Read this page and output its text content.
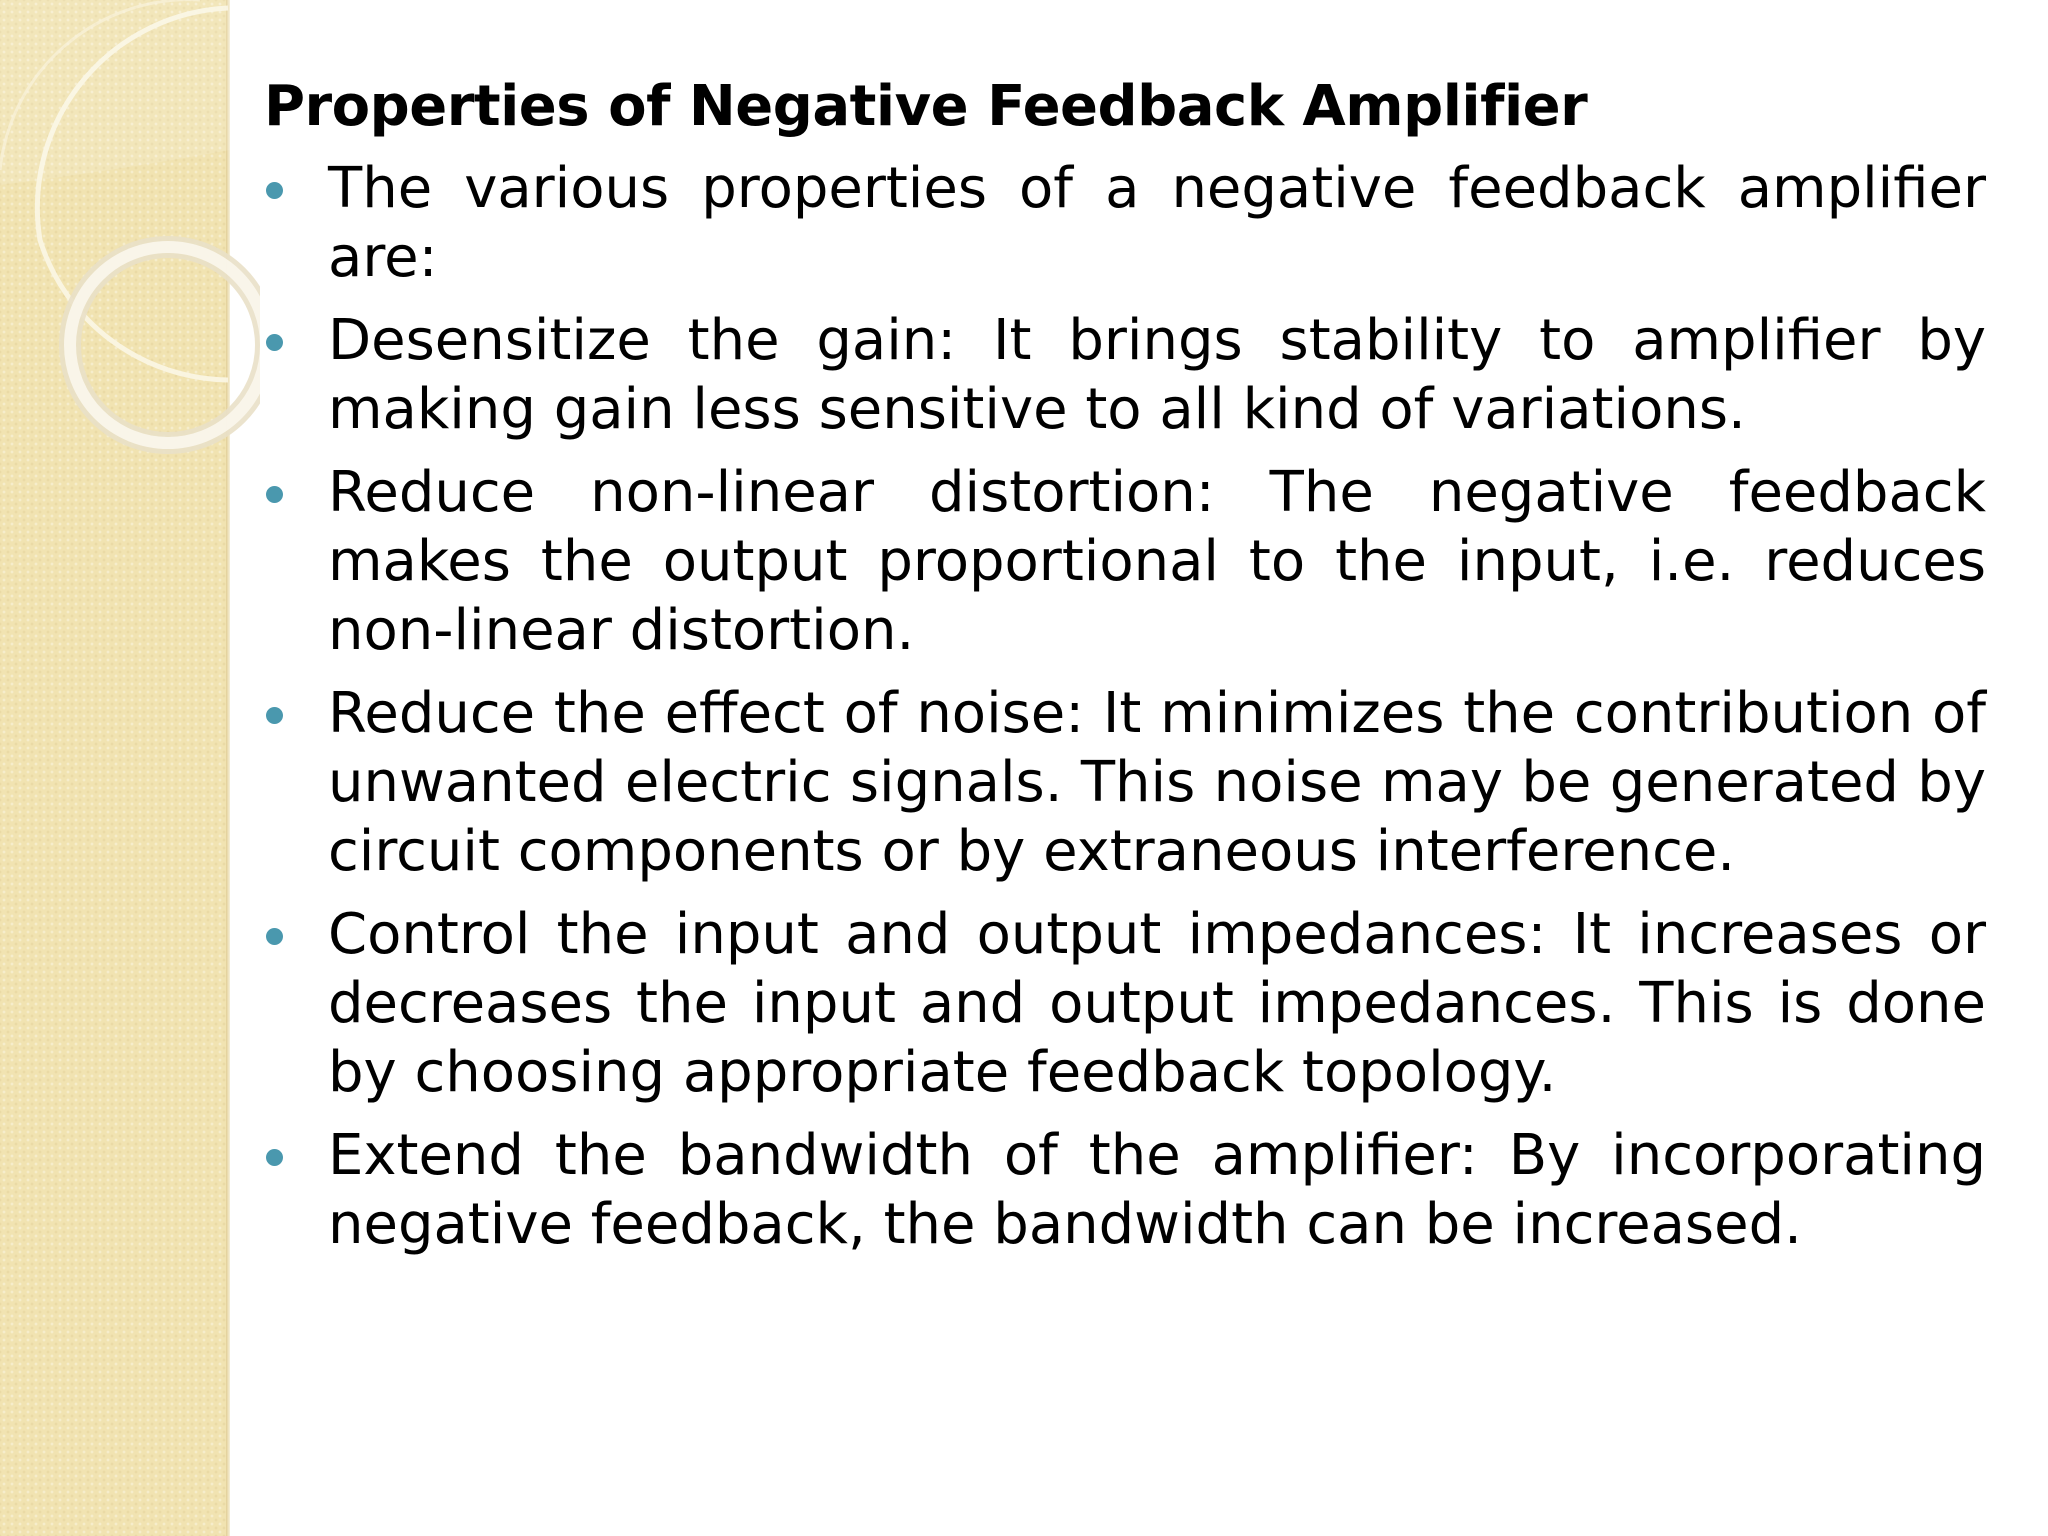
Properties of Negative Feedback Amplifier
The various properties of a negative feedback amplifier are:
Desensitize the gain: It brings stability to amplifier by making gain less sensitive to all kind of variations.
Reduce non-linear distortion: The negative feedback makes the output proportional to the input, i.e. reduces non-linear distortion.
Reduce the effect of noise: It minimizes the contribution of unwanted electric signals. This noise may be generated by circuit components or by extraneous interference.
Control the input and output impedances: It increases or decreases the input and output impedances. This is done by choosing appropriate feedback topology.
Extend the bandwidth of the amplifier: By incorporating negative feedback, the bandwidth can be increased.
